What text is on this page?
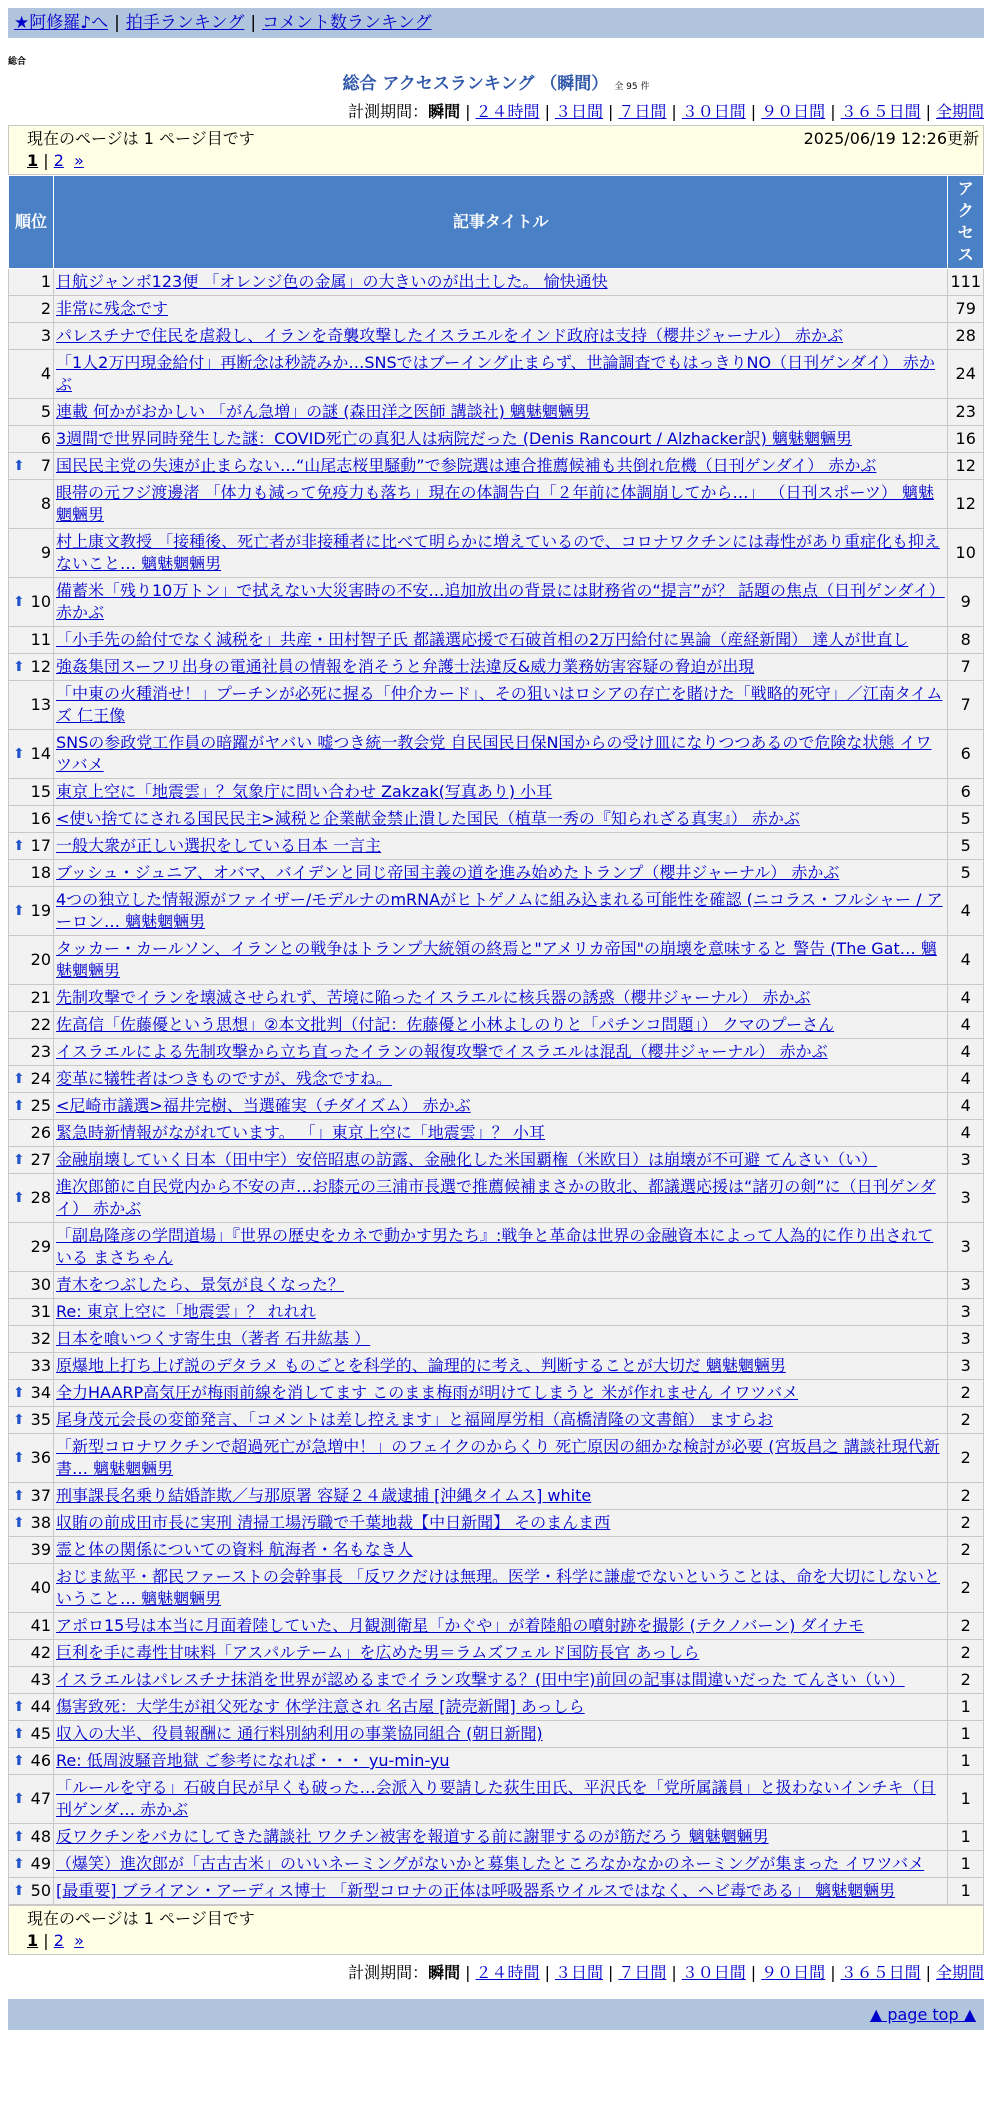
★阿修羅♪へ | 拍手ランキング | コメント数ランキング
総合
総合 アクセスランキング （瞬間） 全 95 件
計測期間：瞬間 | ２４時間 | ３日間 | ７日間 | ３０日間 | ９０日間 | ３６５日間 | 全期間
現在のページは 1 ページ目です	2025/06/19 12:26更新
1 | 2 »
順位	記事タイトル	アクセス
1	日航ジャンボ123便 「オレンジ色の金属」の大きいのが出土した。 愉快通快	111
2	非常に残念です	79
3	パレスチナで住民を虐殺し、イランを奇襲攻撃したイスラエルをインド政府は支持（櫻井ジャーナル） 赤かぶ	28
4	「1人2万円現金給付」再断念は秒読みか…SNSではブーイング止まらず、世論調査でもはっきりNO（日刊ゲンダイ） 赤かぶ	24
5	連載 何かがおかしい 「がん急増」の謎 (森田洋之医師 講談社) 魑魅魍魎男	23
6	3週間で世界同時発生した謎：COVID死亡の真犯人は病院だった (Denis Rancourt / Alzhacker訳) 魑魅魍魎男	16

⬆ 7	国民民主党の失速が止まらない…“山尾志桜里騒動”で参院選は連合推薦候補も共倒れ危機（日刊ゲンダイ） 赤かぶ	12
8	眼帯の元フジ渡邊渚 「体力も減って免疫力も落ち」現在の体調告白「２年前に体調崩してから…」 （日刊スポーツ） 魑魅魍魎男	12
9	村上康文教授 「接種後、死亡者が非接種者に比べて明らかに増えているので、コロナワクチンには毒性があり重症化も抑えないこと… 魑魅魍魎男	10

⬆ 10	備蓄米「残り10万トン」で拭えない大災害時の不安…追加放出の背景には財務省の“提言”が？ 話題の焦点（日刊ゲンダイ） 赤かぶ	9
11	「小手先の給付でなく減税を」共産・田村智子氏 都議選応援で石破首相の2万円給付に異論（産経新聞） 達人が世直し	8

⬆ 12	強姦集団スーフリ出身の電通社員の情報を消そうと弁護士法違反&威力業務妨害容疑の脅迫が出現	7
13	「中東の火種消せ！」プーチンが必死に握る「仲介カード」、その狙いはロシアの存亡を賭けた「戦略的死守」／江南タイムズ 仁王像	7

⬆ 14	SNSの参政党工作員の暗躍がヤバい 嘘つき統一教会党 自民国民日保N国からの受け皿になりつつあるので危険な状態 イワツバメ	6
15	東京上空に「地震雲」？気象庁に問い合わせ Zakzak(写真あり) 小耳	6
16	<使い捨てにされる国民民主>減税と企業献金禁止潰した国民（植草一秀の『知られざる真実』） 赤かぶ	5

⬆ 17	一般大衆が正しい選択をしている日本 一言主	5
18	ブッシュ・ジュニア、オバマ、バイデンと同じ帝国主義の道を進み始めたトランプ（櫻井ジャーナル） 赤かぶ	5

⬆ 19	4つの独立した情報源がファイザー/モデルナのmRNAがヒトゲノムに組み込まれる可能性を確認 (ニコラス・フルシャー / アーロン… 魑魅魍魎男	4
20	タッカー・カールソン、イランとの戦争はトランプ大統領の終焉と"アメリカ帝国"の崩壊を意味すると 警告 (The Gat… 魑魅魍魎男	4
21	先制攻撃でイランを壊滅させられず、苦境に陥ったイスラエルに核兵器の誘惑（櫻井ジャーナル） 赤かぶ	4
22	佐高信「佐藤優という思想」②本文批判（付記：佐藤優と小林よしのりと「パチンコ問題」） クマのプーさん	4
23	イスラエルによる先制攻撃から立ち直ったイランの報復攻撃でイスラエルは混乱（櫻井ジャーナル） 赤かぶ	4

⬆ 24	変革に犠牲者はつきものですが、残念ですね。	4

⬆ 25	<尼崎市議選>福井完樹、当選確実（チダイズム） 赤かぶ	4
26	緊急時新情報がながれています。 「」東京上空に「地震雲」？ 小耳	4

⬆ 27	金融崩壊していく日本（田中宇）安倍昭恵の訪露、金融化した米国覇権（米欧日）は崩壊が不可避 てんさい（い）	3

⬆ 28	進次郎節に自民党内から不安の声…お膝元の三浦市長選で推薦候補まさかの敗北、都議選応援は“諸刃の剣”に（日刊ゲンダイ） 赤かぶ	3
29	「副島隆彦の学問道場」『世界の歴史をカネで動かす男たち』:戦争と革命は世界の金融資本によって人為的に作り出されている まさちゃん	3
30	青木をつぶしたら、景気が良くなった？	3
31	Re: 東京上空に「地震雲」？ れれれ	3
32	日本を喰いつくす寄生虫（著者 石井紘基 ）	3
33	原爆地上打ち上げ説のデタラメ ものごとを科学的、論理的に考え、判断することが大切だ 魑魅魍魎男	3

⬆ 34	全力HAARP高気圧が梅雨前線を消してます このまま梅雨が明けてしまうと 米が作れません イワツバメ	2

⬆ 35	尾身茂元会長の変節発言、「コメントは差し控えます」と福岡厚労相（高橋清隆の文書館） ますらお	2

⬆ 36	「新型コロナワクチンで超過死亡が急増中！」のフェイクのからくり 死亡原因の細かな検討が必要 (宮坂昌之 講談社現代新書… 魑魅魍魎男	2

⬆ 37	刑事課長名乗り結婚詐欺／与那原署 容疑２４歳逮捕 [沖縄タイムス] white	2

⬆ 38	収賄の前成田市長に実刑 清掃工場汚職で千葉地裁【中日新聞】 そのまんま西	2
39	霊と体の関係についての資料 航海者・名もなき人	2
40	おじま紘平・都民ファーストの会幹事長 「反ワクだけは無理。医学・科学に謙虚でないということは、命を大切にしないということ… 魑魅魍魎男	2
41	アポロ15号は本当に月面着陸していた、月観測衛星「かぐや」が着陸船の噴射跡を撮影 (テクノバーン) ダイナモ	2
42	巨利を手に毒性甘味料「アスパルテーム」を広めた男＝ラムズフェルド国防長官 あっしら	2
43	イスラエルはパレスチナ抹消を世界が認めるまでイラン攻撃する？(田中宇)前回の記事は間違いだった てんさい（い）	2

⬆ 44	傷害致死：大学生が祖父死なす 休学注意され 名古屋 [読売新聞] あっしら	1

⬆ 45	収入の大半、役員報酬に 通行料別納利用の事業協同組合 (朝日新聞)	1

⬆ 46	Re: 低周波騒音地獄 ご参考になれば・・・ yu-min-yu	1

⬆ 47	「ルールを守る」石破自民が早くも破った…会派入り要請した荻生田氏、平沢氏を「党所属議員」と扱わないインチキ（日刊ゲンダ… 赤かぶ	1

⬆ 48	反ワクチンをバカにしてきた講談社 ワクチン被害を報道する前に謝罪するのが筋だろう 魑魅魍魎男	1

⬆ 49	（爆笑）進次郎が「古古古米」のいいネーミングがないかと募集したところなかなかのネーミングが集まった イワツバメ	1

⬆ 50	[最重要] ブライアン・アーディス博士 「新型コロナの正体は呼吸器系ウイルスではなく、ヘビ毒である」 魑魅魍魎男	1
現在のページは 1 ページ目です
1 | 2 »
計測期間：瞬間 | ２４時間 | ３日間 | ７日間 | ３０日間 | ９０日間 | ３６５日間 | 全期間
▲ page top ▲
